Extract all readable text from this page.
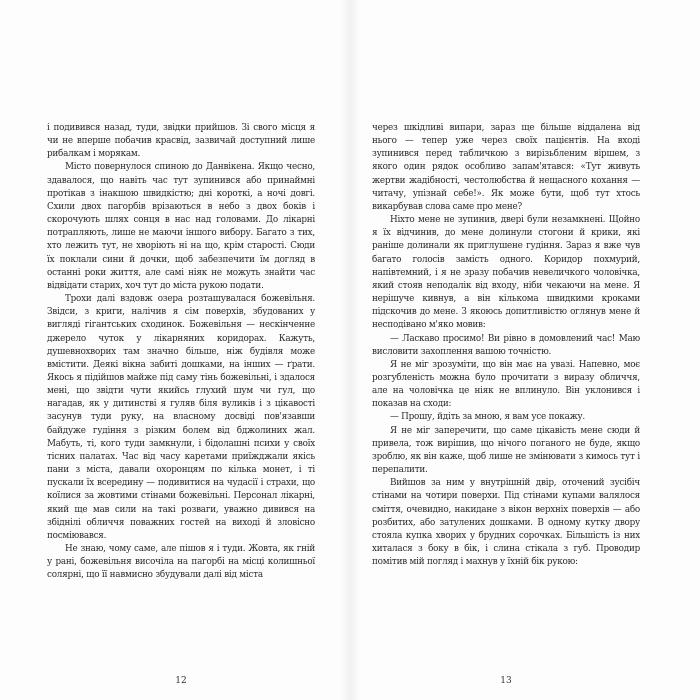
і подивився назад, туди, звідки прийшов. Зі свого місця я чи не вперше побачив красвід, зазвичай доступний лише рибалкам і морякам.

Місто повернулося спиною до Данвікена. Якщо чесно, здавалося, що навіть час тут зупинився або принаймні протікав з інакшою швидкістю; дні короткі, а ночі довгі. Схили двох пагорбів врізаються в небо з двох боків і скорочують шлях сонця в нас над головами. До лікарні потрапляють, лише не маючи іншого вибору. Багато з тих, хто лежить тут, не хворіють ні на що, крім старості. Сюди їх поклали сини й дочки, щоб забезпечити їм догляд в останні роки життя, але самі ніяк не можуть знайти час відвідати старих, хоч тут до міста рукою подати.

Трохи далі вздовж озера розташувалася божевільня. Звідси, з криги, налічив я сім поверхів, збудованих у вигляді гігантських сходинок. Божевільня — нескінченне джерело чуток у лікарняних коридорах. Кажуть, душевнохворих там значно більше, ніж будівля може вмістити. Деякі вікна забиті дошками, на інших — ґрати. Якось я підійшов майже під саму тінь божевільні, і здалося мені, що звідти чути якийсь глухий шум чи гул, що нагадав, як у дитинстві я гуляв біля вуликів і з цікавості засунув туди руку, на власному досвіді пов'язавши байдуже гудіння з різким болем від бджолиних жал. Мабуть, ті, кого туди замкнули, і бідолашні психи у своїх тісних палатах. Час від часу каретами приїжджали якісь пани з міста, давали охоронцям по кілька монет, і ті пускали їх всередину — подивитися на чудасії і страхи, що коїлися за жовтими стінами божевільні. Персонал лікарні, який ще мав сили на такі розваги, уважно дивився на збіднілі обличчя поважних гостей на виході й зловісно посміювався.

Не знаю, чому саме, але пішов я і туди. Жовта, як гній у рані, божевільня височіла на пагорбі на місці колишньої солярні, що її навмисно збудували далі від міста

12

через шкідливі випари, зараз ще більше віддалена від нього — тепер уже через своїх пацієнтів. На вході зупинився перед табличкою з вирізьбленим віршем, з якого один рядок особливо запам'ятався: «Тут живуть жертви жадібності, честолюбства й нещасного кохання — читачу, упізнай себе!». Як може бути, щоб тут хтось викарбував слова саме про мене?

Ніхто мене не зупинив, двері були незамкнені. Щойно я їх відчинив, до мене долинули стогони й крики, які раніше долинали як приглушене гудіння. Зараз я вже чув багато голосів замість одного. Коридор похмурий, напівтемний, і я не зразу побачив невеличкого чоловічка, який стояв неподалік від входу, ніби чекаючи на мене. Я нерішуче кивнув, а він кількома швидкими кроками підскочив до мене. З якоюсь допитливістю оглянув мене й несподівано м'яко мовив:

— Ласкаво просимо! Ви рівно в домовлений час! Маю висловити захоплення вашою точністю.

Я не міг зрозуміти, що він має на увазі. Напевно, моє розгубленість можна було прочитати з виразу обличчя, але на чоловічка це ніяк не вплинуло. Він уклонився і показав на сходи:

— Прошу, йдіть за мною, я вам усе покажу.

Я не міг заперечити, що саме цікавість мене сюди й привела, тож вирішив, що нічого поганого не буде, якщо зроблю, як він каже, щоб лише не змінювати з кимось тут і перепалити.

Вийшов за ним у внутрішній двір, оточений зусібіч стінами на чотири поверхи. Під стінами купами валялося сміття, очевидно, накидане з вікон верхніх поверхів — або розбитих, або затулених дошками. В одному кутку двору стояла купка хворих у брудних сорочках. Більшість із них хиталася з боку в бік, і слина стікала з губ. Проводир помітив мій погляд і махнув у їхній бік рукою:

13
